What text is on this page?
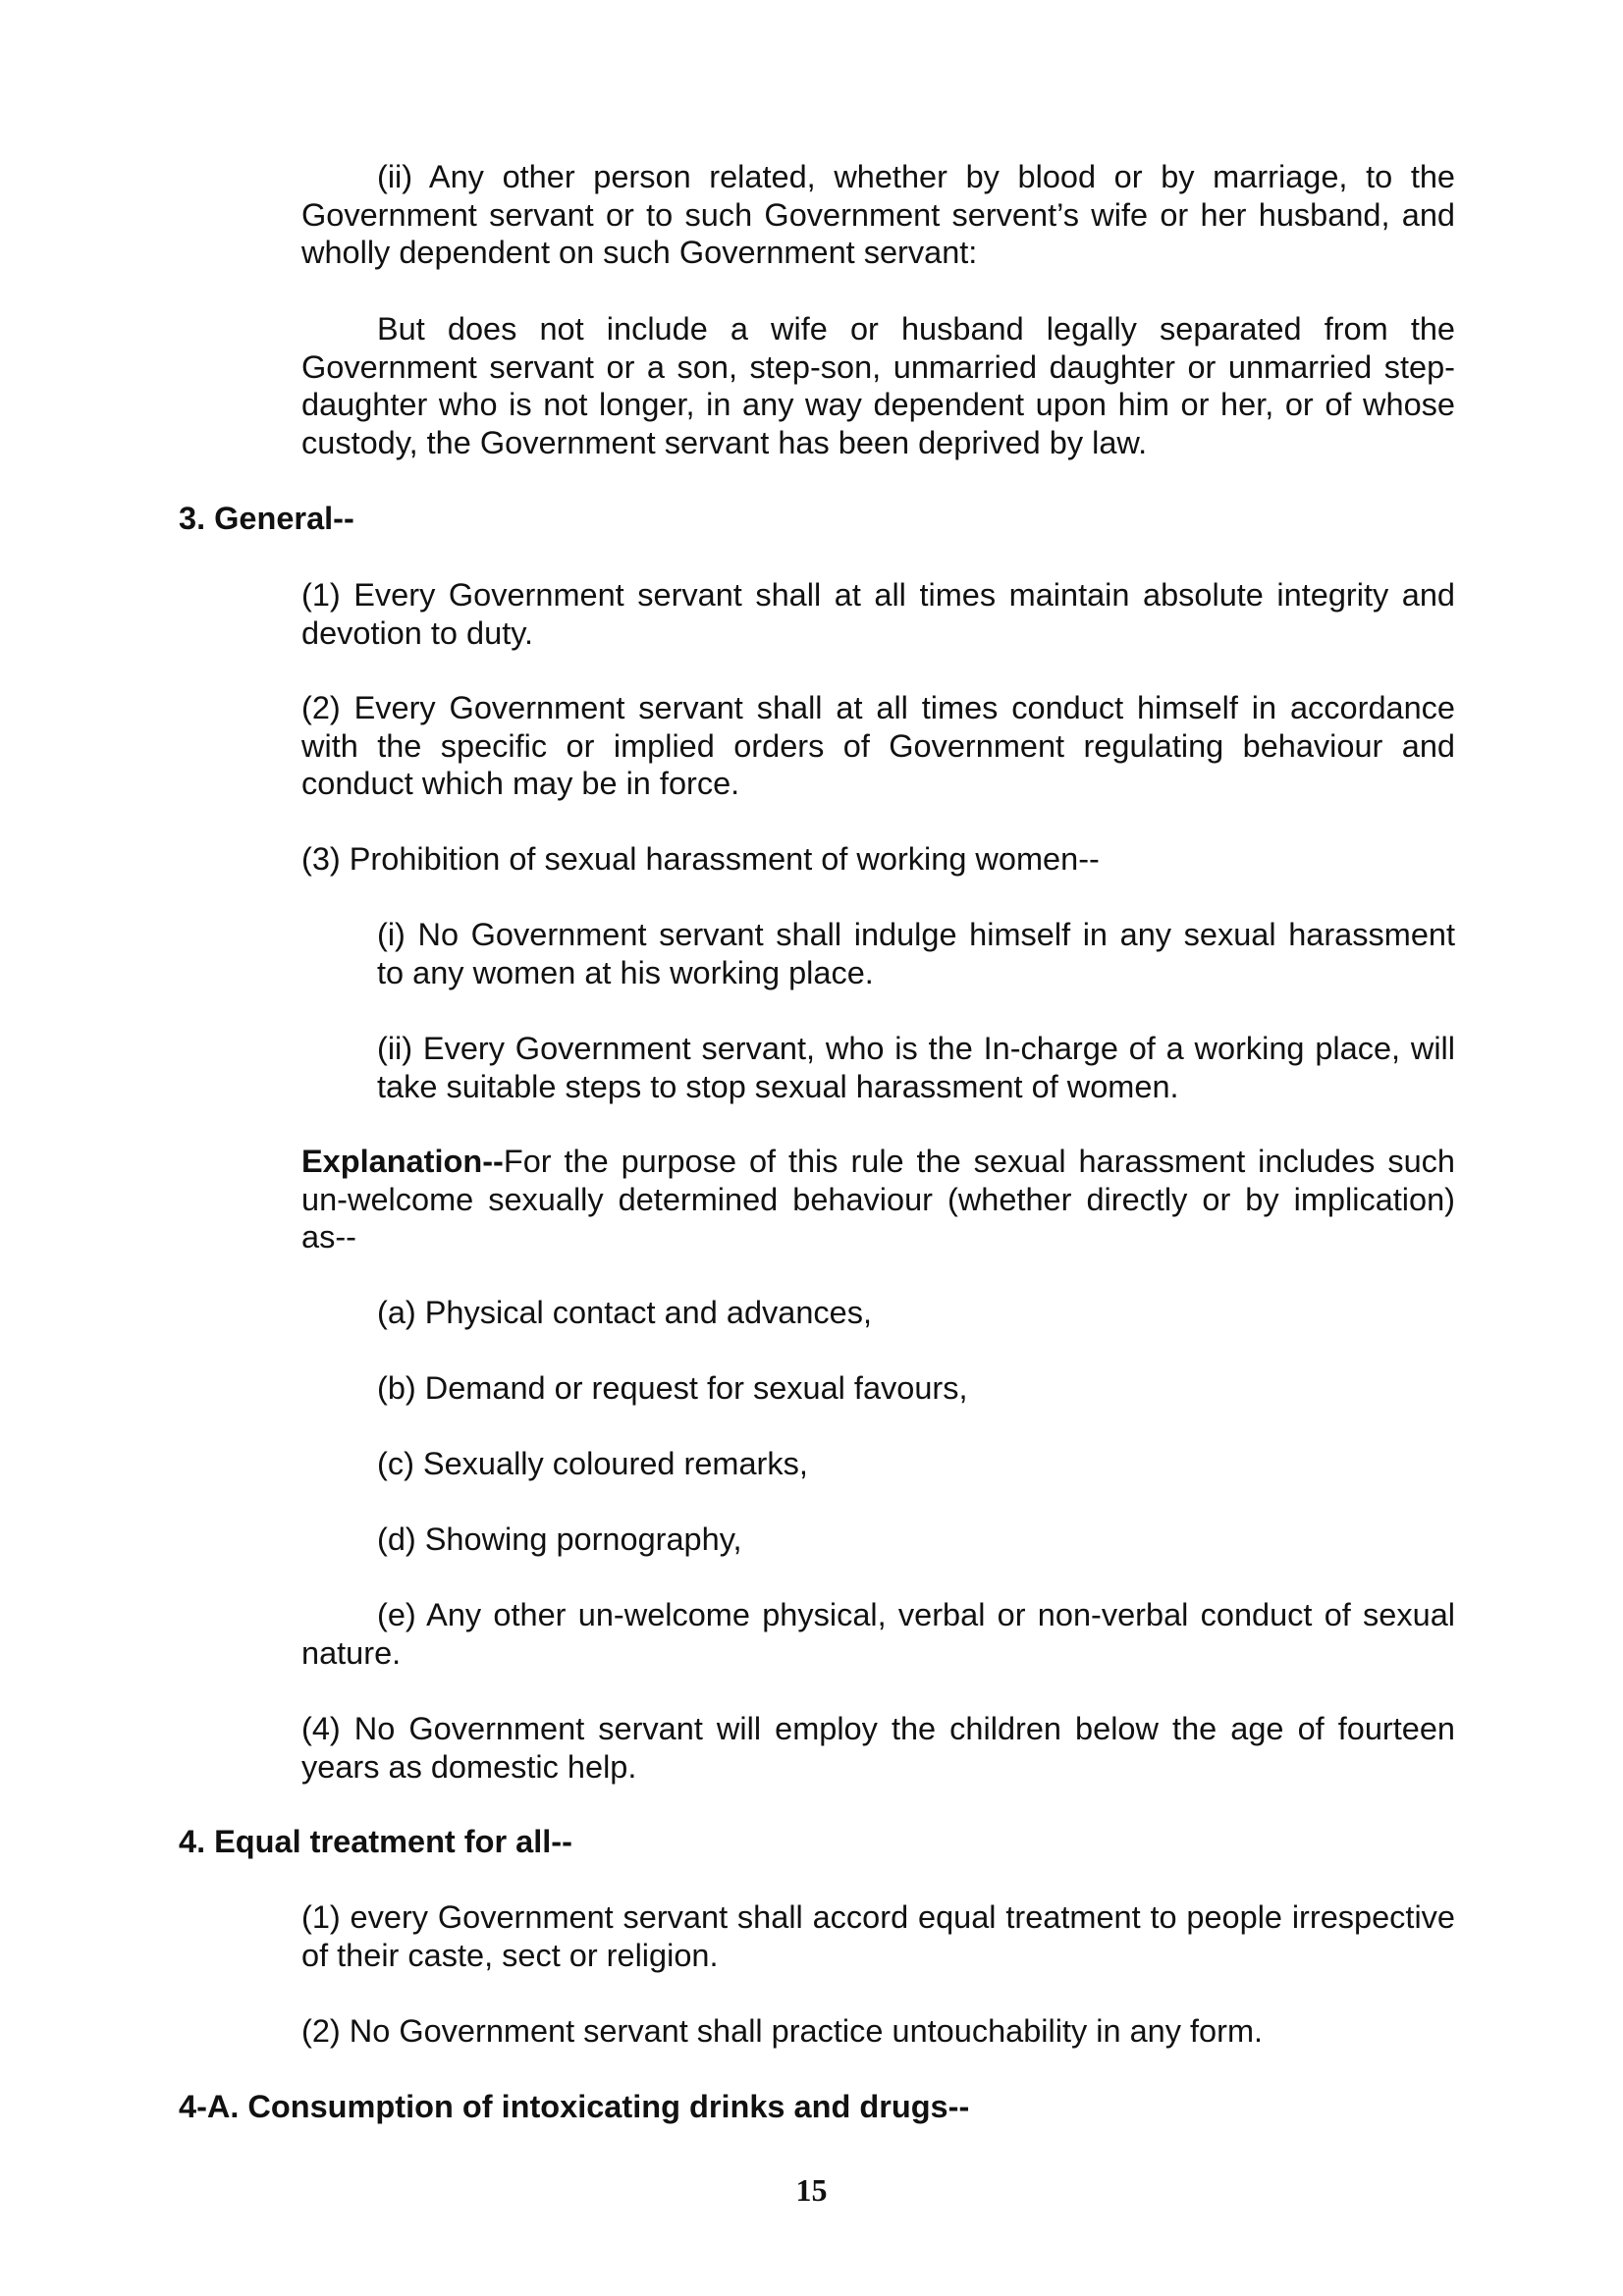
(ii) Any other person related, whether by blood or by marriage, to the Government servant or to such Government servent’s wife or her husband, and wholly dependent on such Government servant:

But does not include a wife or husband legally separated from the Government servant or a son, step-son, unmarried daughter or unmarried step-daughter who is not longer, in any way dependent upon him or her, or of whose custody, the Government servant has been deprived by law.

3. General--

(1) Every Government servant shall at all times maintain absolute integrity and devotion to duty.

(2) Every Government servant shall at all times conduct himself in accordance with the specific or implied orders of Government regulating behaviour and conduct which may be in force.

(3) Prohibition of sexual harassment of working women--

(i) No Government servant shall indulge himself in any sexual harassment to any women at his working place.

(ii) Every Government servant, who is the In-charge of a working place, will take suitable steps to stop sexual harassment of women.

Explanation--For the purpose of this rule the sexual harassment includes such un-welcome sexually determined behaviour (whether directly or by implication) as--

(a) Physical contact and advances,

(b) Demand or request for sexual favours,

(c) Sexually coloured remarks,

(d) Showing pornography,

(e) Any other un-welcome physical, verbal or non-verbal conduct of sexual nature.

(4) No Government servant will employ the children below the age of fourteen years as domestic help.

4. Equal treatment for all--

(1) every Government servant shall accord equal treatment to people irrespective of their caste, sect or religion.

(2) No Government servant shall practice untouchability in any form.

4-A. Consumption of intoxicating drinks and drugs--
15
